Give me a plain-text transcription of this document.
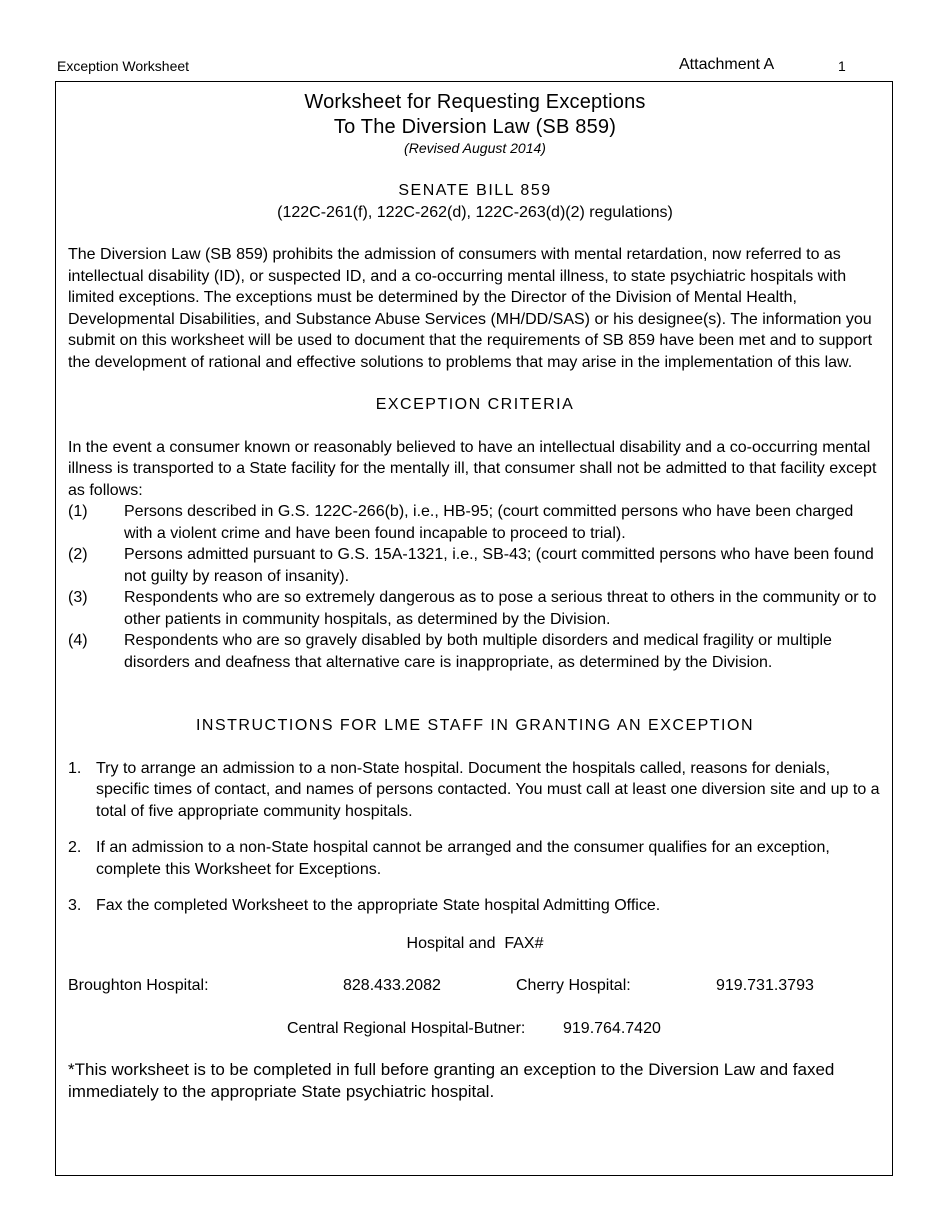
Exception Worksheet	Attachment A	1
Worksheet for Requesting Exceptions
To The Diversion Law (SB 859)
(Revised August 2014)
SENATE BILL 859
(122C-261(f), 122C-262(d), 122C-263(d)(2) regulations)

The Diversion Law (SB 859) prohibits the admission of consumers with mental retardation, now referred to as intellectual disability (ID), or suspected ID, and a co-occurring mental illness, to state psychiatric hospitals with limited exceptions. The exceptions must be determined by the Director of the Division of Mental Health, Developmental Disabilities, and Substance Abuse Services (MH/DD/SAS) or his designee(s). The information you submit on this worksheet will be used to document that the requirements of SB 859 have been met and to support the development of rational and effective solutions to problems that may arise in the implementation of this law.

EXCEPTION CRITERIA

In the event a consumer known or reasonably believed to have an intellectual disability and a co-occurring mental illness is transported to a State facility for the mentally ill, that consumer shall not be admitted to that facility except as follows:

(1)	Persons described in G.S. 122C-266(b), i.e., HB-95; (court committed persons who have been charged with a violent crime and have been found incapable to proceed to trial).
(2)	Persons admitted pursuant to G.S. 15A-1321, i.e., SB-43; (court committed persons who have been found not guilty by reason of insanity).
(3)	Respondents who are so extremely dangerous as to pose a serious threat to others in the community or to other patients in community hospitals, as determined by the Division.
(4)	Respondents who are so gravely disabled by both multiple disorders and medical fragility or multiple disorders and deafness that alternative care is inappropriate, as determined by the Division.
INSTRUCTIONS FOR LME STAFF IN GRANTING AN EXCEPTION
1. Try to arrange an admission to a non-State hospital. Document the hospitals called, reasons for denials, specific times of contact, and names of persons contacted. You must call at least one diversion site and up to a total of five appropriate community hospitals.
2. If an admission to a non-State hospital cannot be arranged and the consumer qualifies for an exception, complete this Worksheet for Exceptions.
3. Fax the completed Worksheet to the appropriate State hospital Admitting Office.
Hospital and  FAX#
Broughton Hospital:	828.433.2082	Cherry Hospital:	919.731.3793
Central Regional Hospital-Butner: 919.764.7420

*This worksheet is to be completed in full before granting an exception to the Diversion Law and faxed immediately to the appropriate State psychiatric hospital.
